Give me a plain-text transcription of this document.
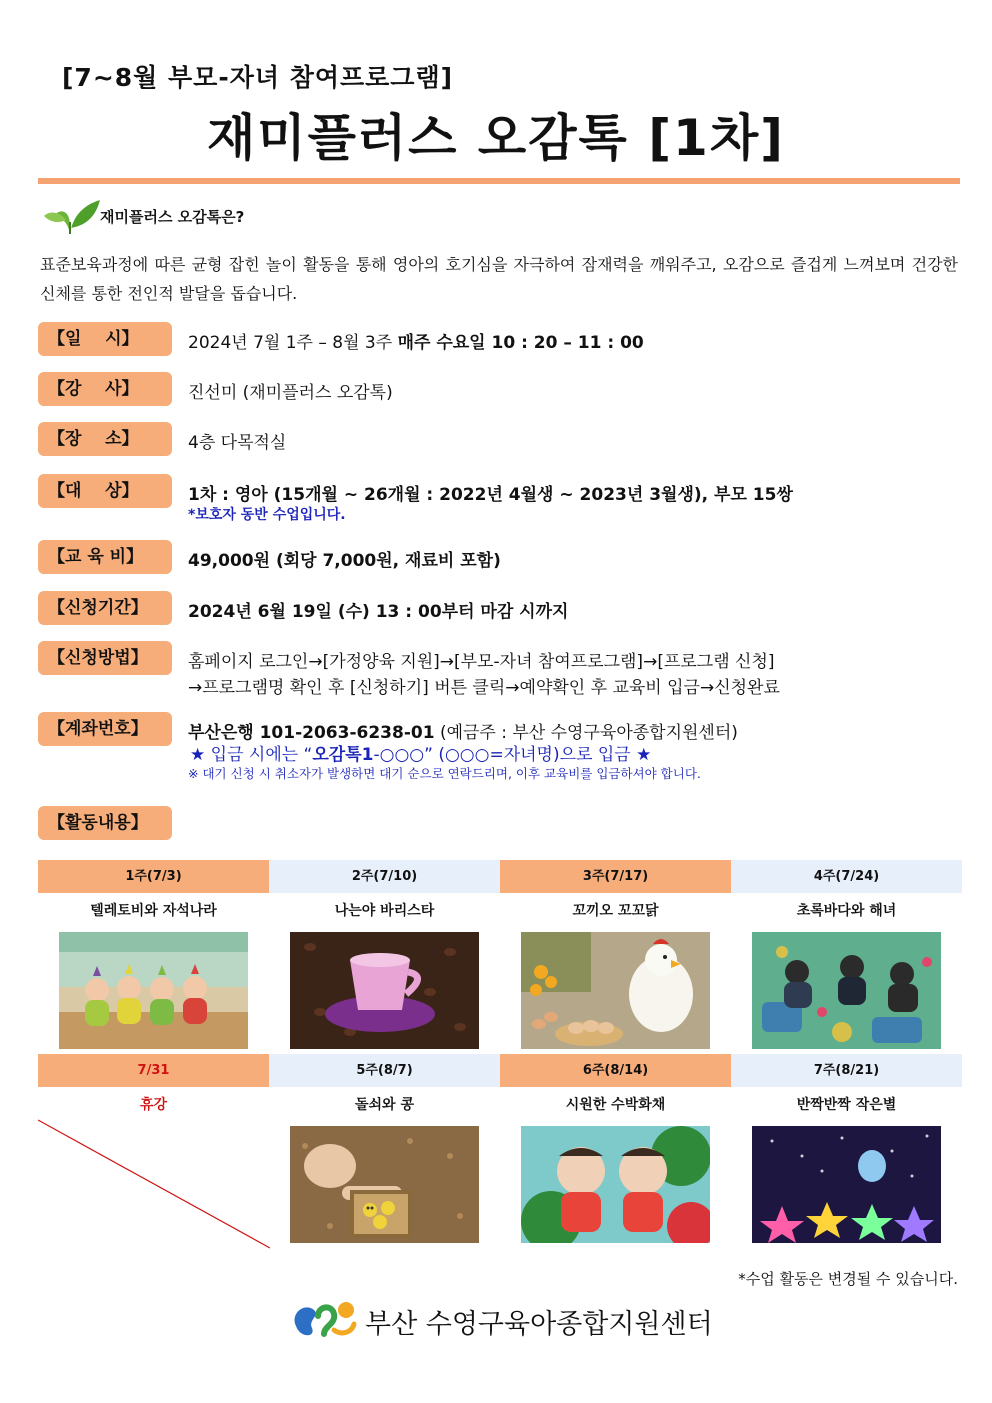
[7~8월 부모-자녀 참여프로그램]
재미플러스 오감톡 [1차]
재미플러스 오감톡은?
표준보육과정에 따른 균형 잡힌 놀이 활동을 통해 영아의 호기심을 자극하여 잠재력을 깨워주고, 오감으로 즐겁게 느껴보며 건강한 신체를 통한 전인적 발달을 돕습니다.
【일    시】	2024년 7월 1주 – 8월 3주 매주 수요일 10 : 20 – 11 : 00
【강    사】	진선미 (재미플러스 오감톡)
【장    소】	4층 다목적실
【대    상】	1차 : 영아 (15개월 ~ 26개월 : 2022년 4월생 ~ 2023년 3월생), 부모 15쌍
*보호자 동반 수업입니다.
【교 육 비】	49,000원 (회당 7,000원, 재료비 포함)
【신청기간】	2024년 6월 19일 (수) 13 : 00부터 마감 시까지
【신청방법】	홈페이지 로그인→[가정양육 지원]→[부모-자녀 참여프로그램]→[프로그램 신청]
→프로그램명 확인 후 [신청하기] 버튼 클릭→예약확인 후 교육비 입금→신청완료
【계좌번호】	부산은행 101-2063-6238-01 (예금주 : 부산 수영구육아종합지원센터)
★ 입금 시에는 “오감톡1-○○○” (○○○=자녀명)으로 입금 ★
※ 대기 신청 시 취소자가 발생하면 대기 순으로 연락드리며, 이후 교육비를 입금하셔야 합니다.
【활동내용】
1주(7/3)
텔레토비와 자석나라
2주(7/10)
나는야 바리스타
3주(7/17)
꼬끼오 꼬꼬닭
4주(7/24)
초록바다와 해녀
7/31
휴강
5주(8/7)
돌쇠와 콩
6주(8/14)
시원한 수박화채
7주(8/21)
반짝반짝 작은별
*수업 활동은 변경될 수 있습니다.
부산 수영구육아종합지원센터
